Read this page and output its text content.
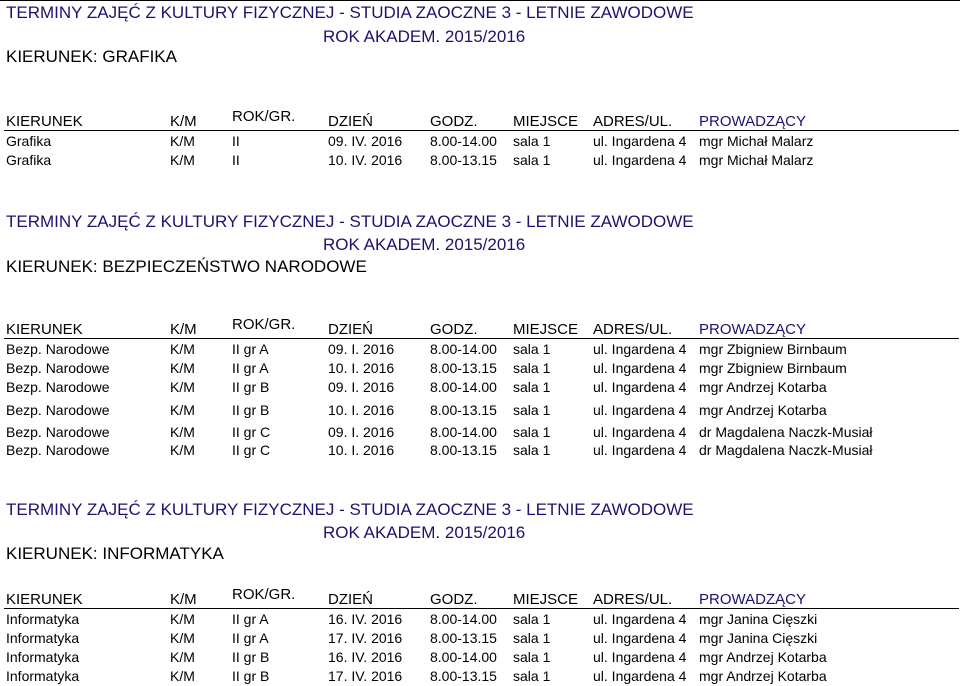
TERMINY ZAJĘĆ Z KULTURY FIZYCZNEJ - STUDIA ZAOCZNE 3 - LETNIE ZAWODOWE
ROK AKADEM. 2015/2016
KIERUNEK: GRAFIKA
KIERUNEK	K/M	ROK/GR.	DZIEŃ	GODZ.	MIEJSCE	ADRES/UL.	PROWADZĄCY
Grafika	K/M	II	09. IV. 2016	8.00-14.00	sala 1	ul. Ingardena 4	mgr Michał Malarz
Grafika	K/M	II	10. IV. 2016	8.00-13.15	sala 1	ul. Ingardena 4	mgr Michał Malarz
TERMINY ZAJĘĆ Z KULTURY FIZYCZNEJ - STUDIA ZAOCZNE 3 - LETNIE ZAWODOWE
ROK AKADEM. 2015/2016
KIERUNEK: BEZPIECZEŃSTWO NARODOWE
KIERUNEK	K/M	ROK/GR.	DZIEŃ	GODZ.	MIEJSCE	ADRES/UL.	PROWADZĄCY
Bezp. Narodowe	K/M	II gr A	09. I. 2016	8.00-14.00	sala 1	ul. Ingardena 4	mgr Zbigniew Birnbaum
Bezp. Narodowe	K/M	II gr A	10. I. 2016	8.00-13.15	sala 1	ul. Ingardena 4	mgr Zbigniew Birnbaum
Bezp. Narodowe	K/M	II gr B	09. I. 2016	8.00-14.00	sala 1	ul. Ingardena 4	mgr Andrzej Kotarba
Bezp. Narodowe	K/M	II gr B	10. I. 2016	8.00-13.15	sala 1	ul. Ingardena 4	mgr Andrzej Kotarba
Bezp. Narodowe	K/M	II gr C	09. I. 2016	8.00-14.00	sala 1	ul. Ingardena 4	dr Magdalena Naczk-Musiał
Bezp. Narodowe	K/M	II gr C	10. I. 2016	8.00-13.15	sala 1	ul. Ingardena 4	dr Magdalena Naczk-Musiał
TERMINY ZAJĘĆ Z KULTURY FIZYCZNEJ - STUDIA ZAOCZNE 3 - LETNIE ZAWODOWE
ROK AKADEM. 2015/2016
KIERUNEK: INFORMATYKA
KIERUNEK	K/M	ROK/GR.	DZIEŃ	GODZ.	MIEJSCE	ADRES/UL.	PROWADZĄCY
Informatyka	K/M	II gr A	16. IV. 2016	8.00-14.00	sala 1	ul. Ingardena 4	mgr Janina Cięszki
Informatyka	K/M	II gr A	17. IV. 2016	8.00-13.15	sala 1	ul. Ingardena 4	mgr Janina Cięszki
Informatyka	K/M	II gr B	16. IV. 2016	8.00-14.00	sala 1	ul. Ingardena 4	mgr Andrzej Kotarba
Informatyka	K/M	II gr B	17. IV. 2016	8.00-13.15	sala 1	ul. Ingardena 4	mgr Andrzej Kotarba
